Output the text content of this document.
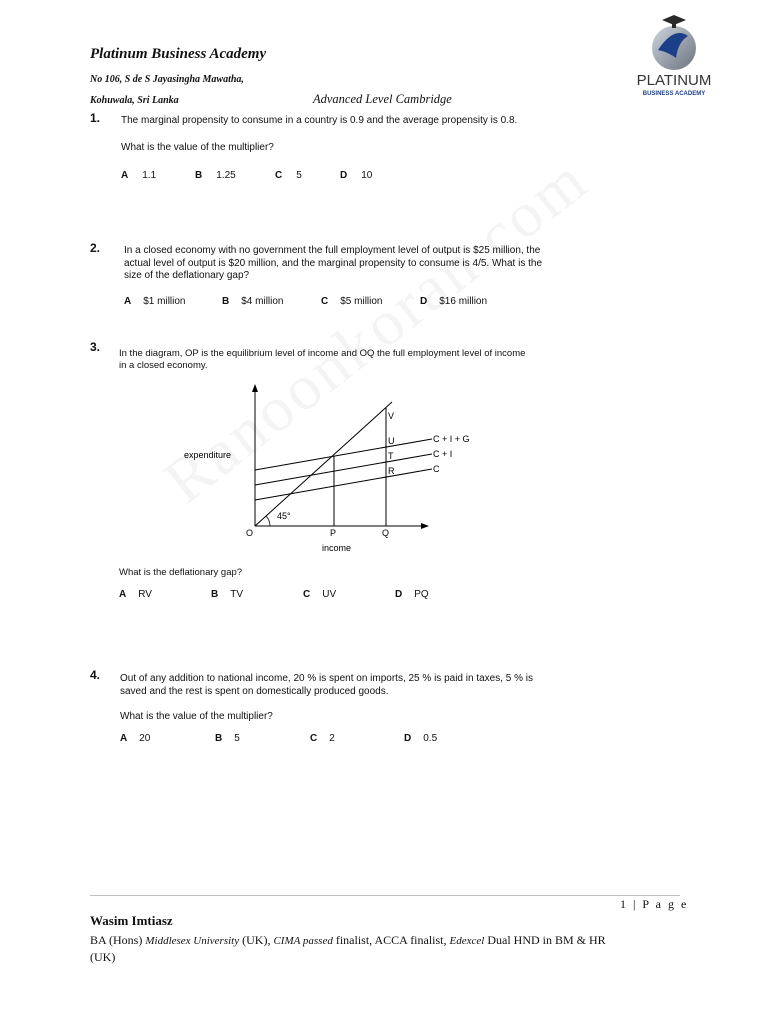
Platinum Business Academy
No 106, S de S Jayasingha Mawatha,
Kohuwala, Sri Lanka	Advanced Level Cambridge
PLATINUM
BUSINESS ACADEMY
1. The marginal propensity to consume in a country is 0.9 and the average propensity is 0.8.
What is the value of the multiplier?
A 1.1	B 1.25	C 5	D 10
2. In a closed economy with no government the full employment level of output is $25 million, the
actual level of output is $20 million, and the marginal propensity to consume is 4/5. What is the
size of the deflationary gap?
A $1 million	B $4 million	C $5 million	D $16 million
3. In the diagram, OP is the equilibrium level of income and OQ the full employment level of income
in a closed economy.
expenditure
income
O	P	Q
45°
V
U
T
R
C + I + G
C + I
C
What is the deflationary gap?
A RV	B TV	C UV	D PQ
4. Out of any addition to national income, 20 % is spent on imports, 25 % is paid in taxes, 5 % is
saved and the rest is spent on domestically produced goods.
What is the value of the multiplier?
A 20	B 5	C 2	D 0.5
1 | P a g e
Wasim Imtiasz
BA (Hons) Middlesex University (UK), CIMA passed finalist, ACCA finalist, Edexcel Dual HND in BM & HR
(UK)
